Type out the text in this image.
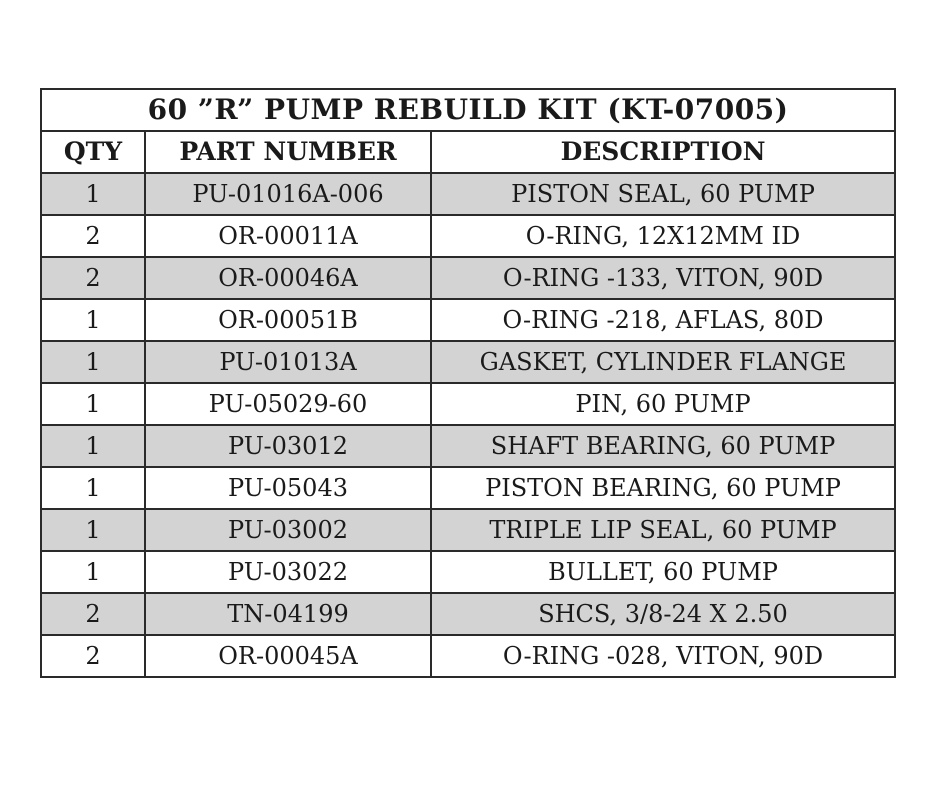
60 ”R” PUMP REBUILD KIT (KT-07005)		
QTY	PART NUMBER	DESCRIPTION
1	PU-01016A-006	PISTON SEAL, 60 PUMP
2	OR-00011A	O-RING, 12X12MM ID
2	OR-00046A	O-RING -133, VITON, 90D
1	OR-00051B	O-RING -218, AFLAS, 80D
1	PU-01013A	GASKET, CYLINDER FLANGE
1	PU-05029-60	PIN, 60 PUMP
1	PU-03012	SHAFT BEARING, 60 PUMP
1	PU-05043	PISTON BEARING, 60 PUMP
1	PU-03002	TRIPLE LIP SEAL, 60 PUMP
1	PU-03022	BULLET, 60 PUMP
2	TN-04199	SHCS, 3/8-24 X 2.50
2	OR-00045A	O-RING -028, VITON, 90D
